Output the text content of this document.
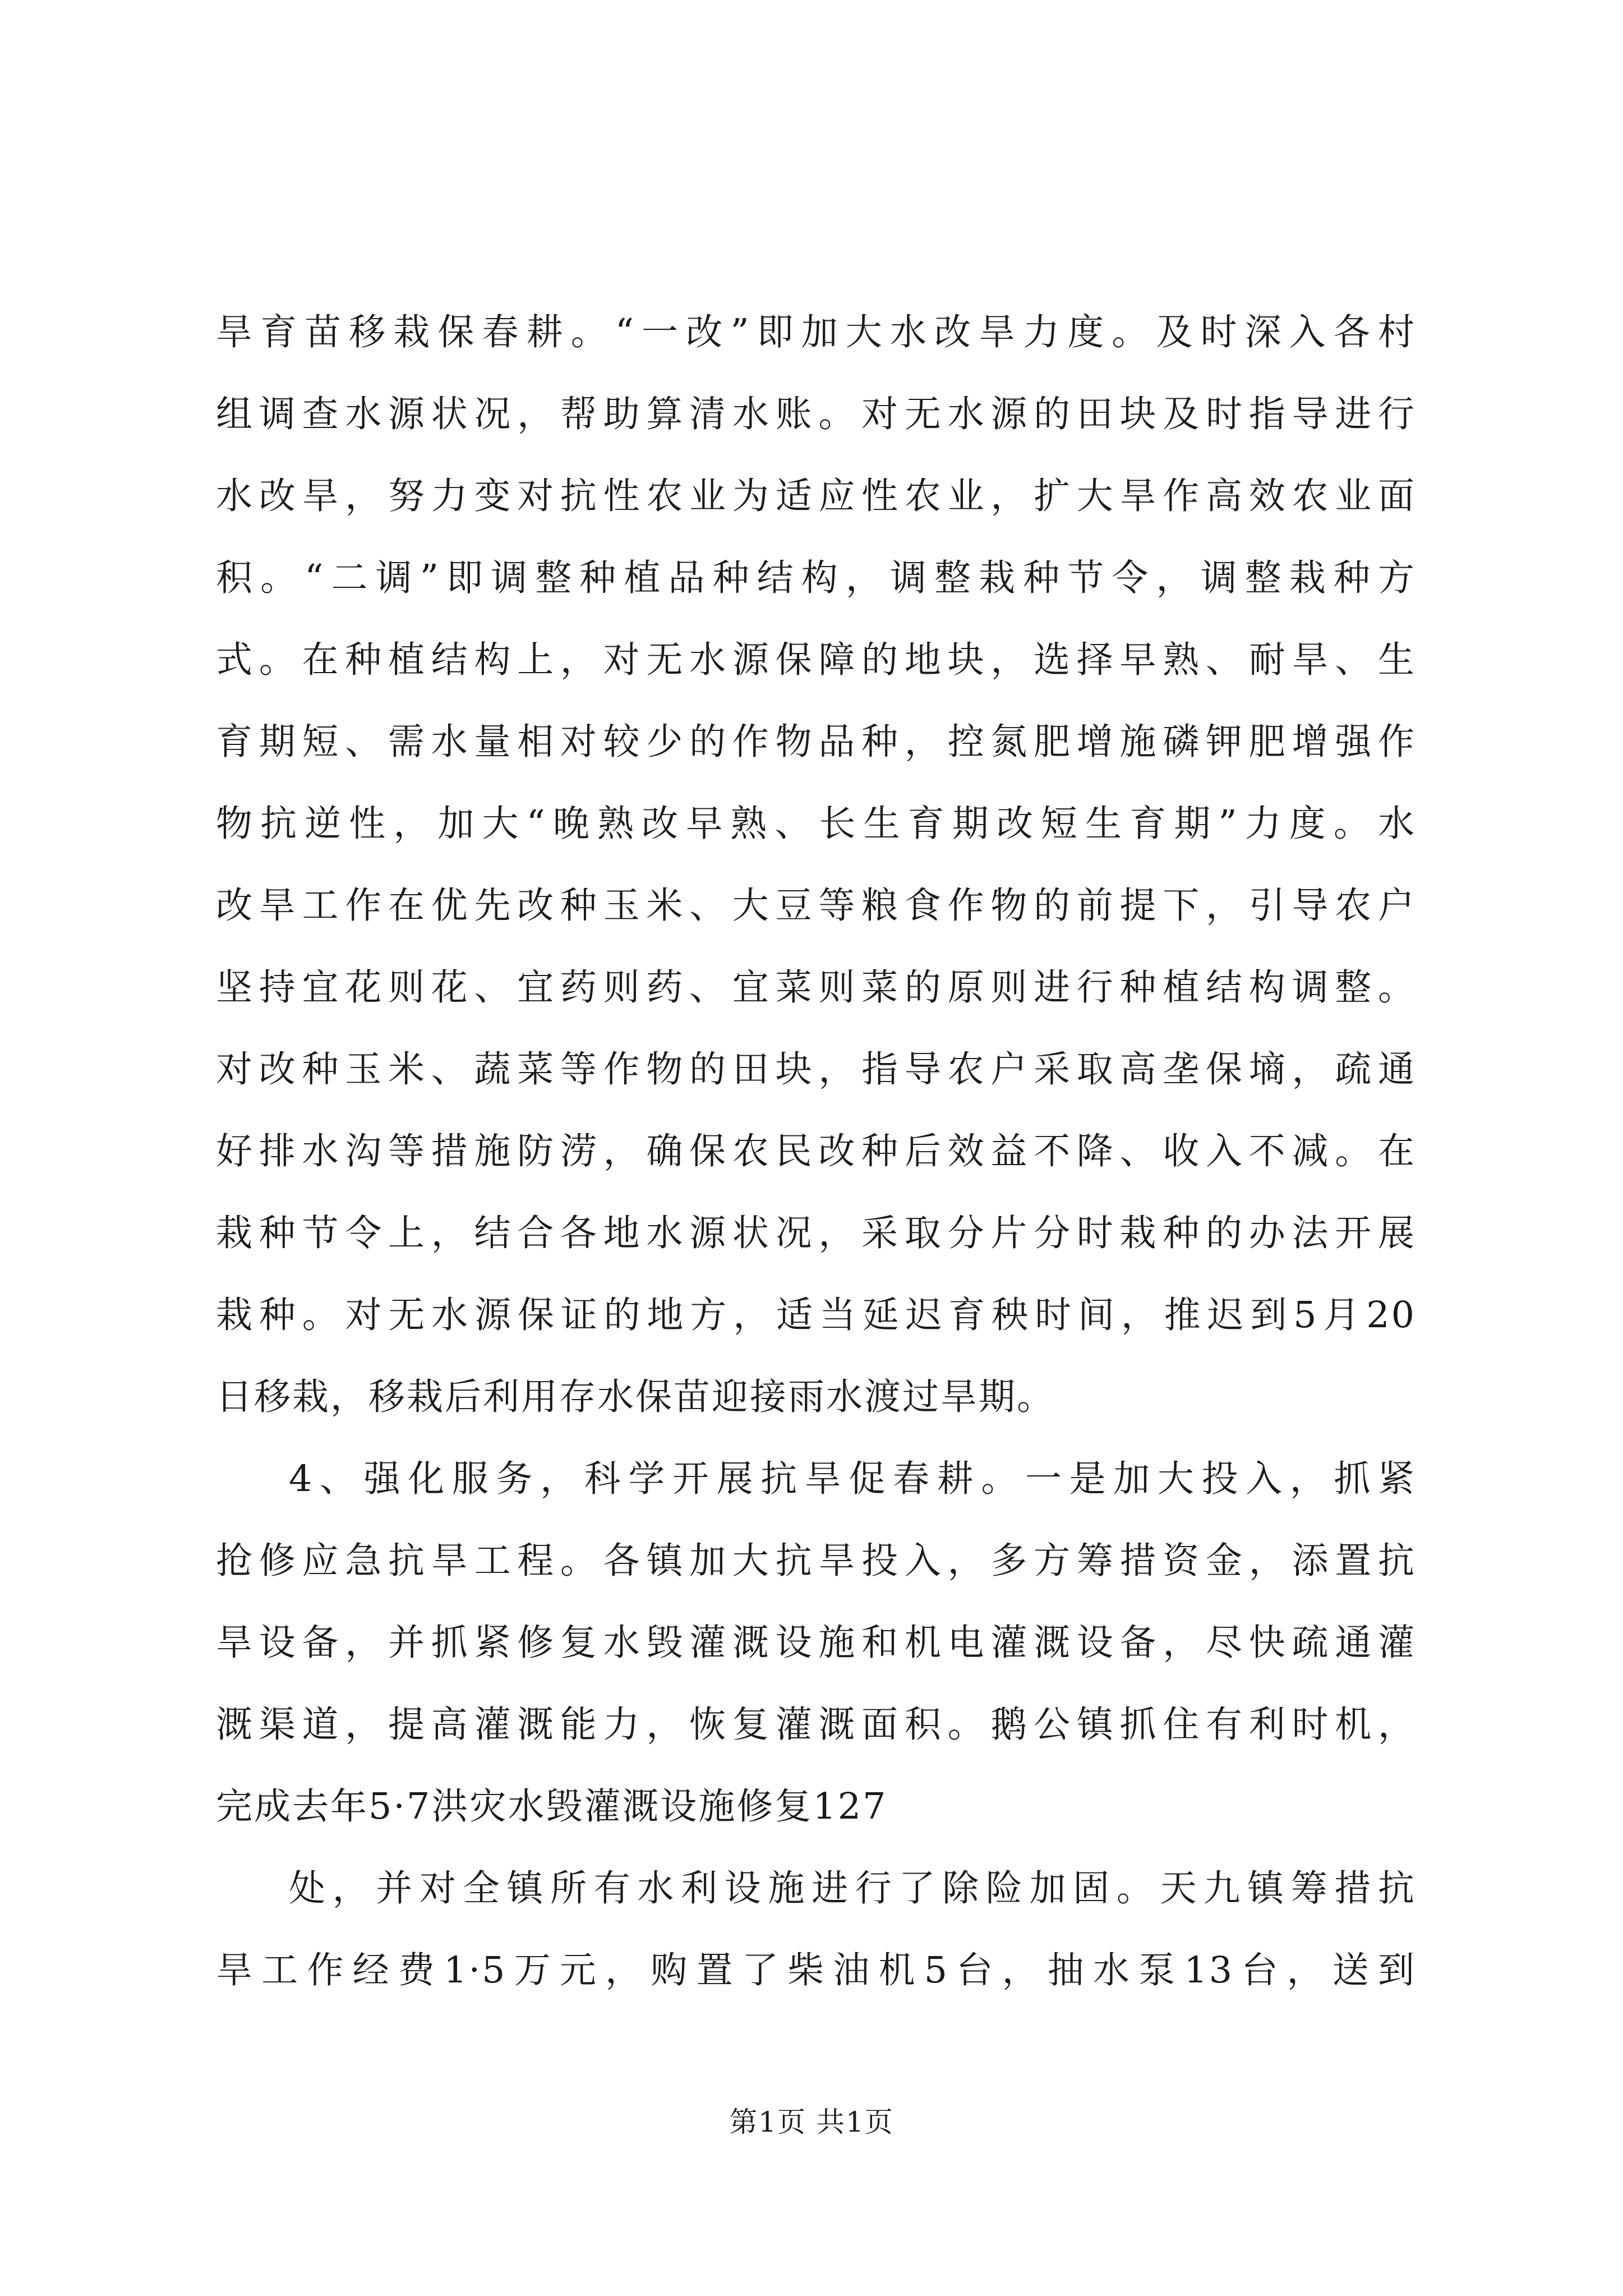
旱育苗移栽保春耕。“一改”即加大水改旱力度。及时深入各村
组调查水源状况，帮助算清水账。对无水源的田块及时指导进行
水改旱，努力变对抗性农业为适应性农业，扩大旱作高效农业面
积。“二调”即调整种植品种结构，调整栽种节令，调整栽种方
式。在种植结构上，对无水源保障的地块，选择早熟、耐旱、生
育期短、需水量相对较少的作物品种，控氮肥增施磷钾肥增强作
物抗逆性，加大“晚熟改早熟、长生育期改短生育期”力度。水
改旱工作在优先改种玉米、大豆等粮食作物的前提下，引导农户
坚持宜花则花、宜药则药、宜菜则菜的原则进行种植结构调整。
对改种玉米、蔬菜等作物的田块，指导农户采取高垄保墒，疏通
好排水沟等措施防涝，确保农民改种后效益不降、收入不减。在
栽种节令上，结合各地水源状况，采取分片分时栽种的办法开展
栽种。对无水源保证的地方，适当延迟育秧时间，推迟到5月20
日移栽，移栽后利用存水保苗迎接雨水渡过旱期。
4、强化服务，科学开展抗旱促春耕。一是加大投入，抓紧
抢修应急抗旱工程。各镇加大抗旱投入，多方筹措资金，添置抗
旱设备，并抓紧修复水毁灌溉设施和机电灌溉设备，尽快疏通灌
溉渠道，提高灌溉能力，恢复灌溉面积。鹅公镇抓住有利时机，
完成去年5·7洪灾水毁灌溉设施修复127
处，并对全镇所有水利设施进行了除险加固。天九镇筹措抗
旱工作经费1·5万元，购置了柴油机5台，抽水泵13台，送到
第1页 共1页
